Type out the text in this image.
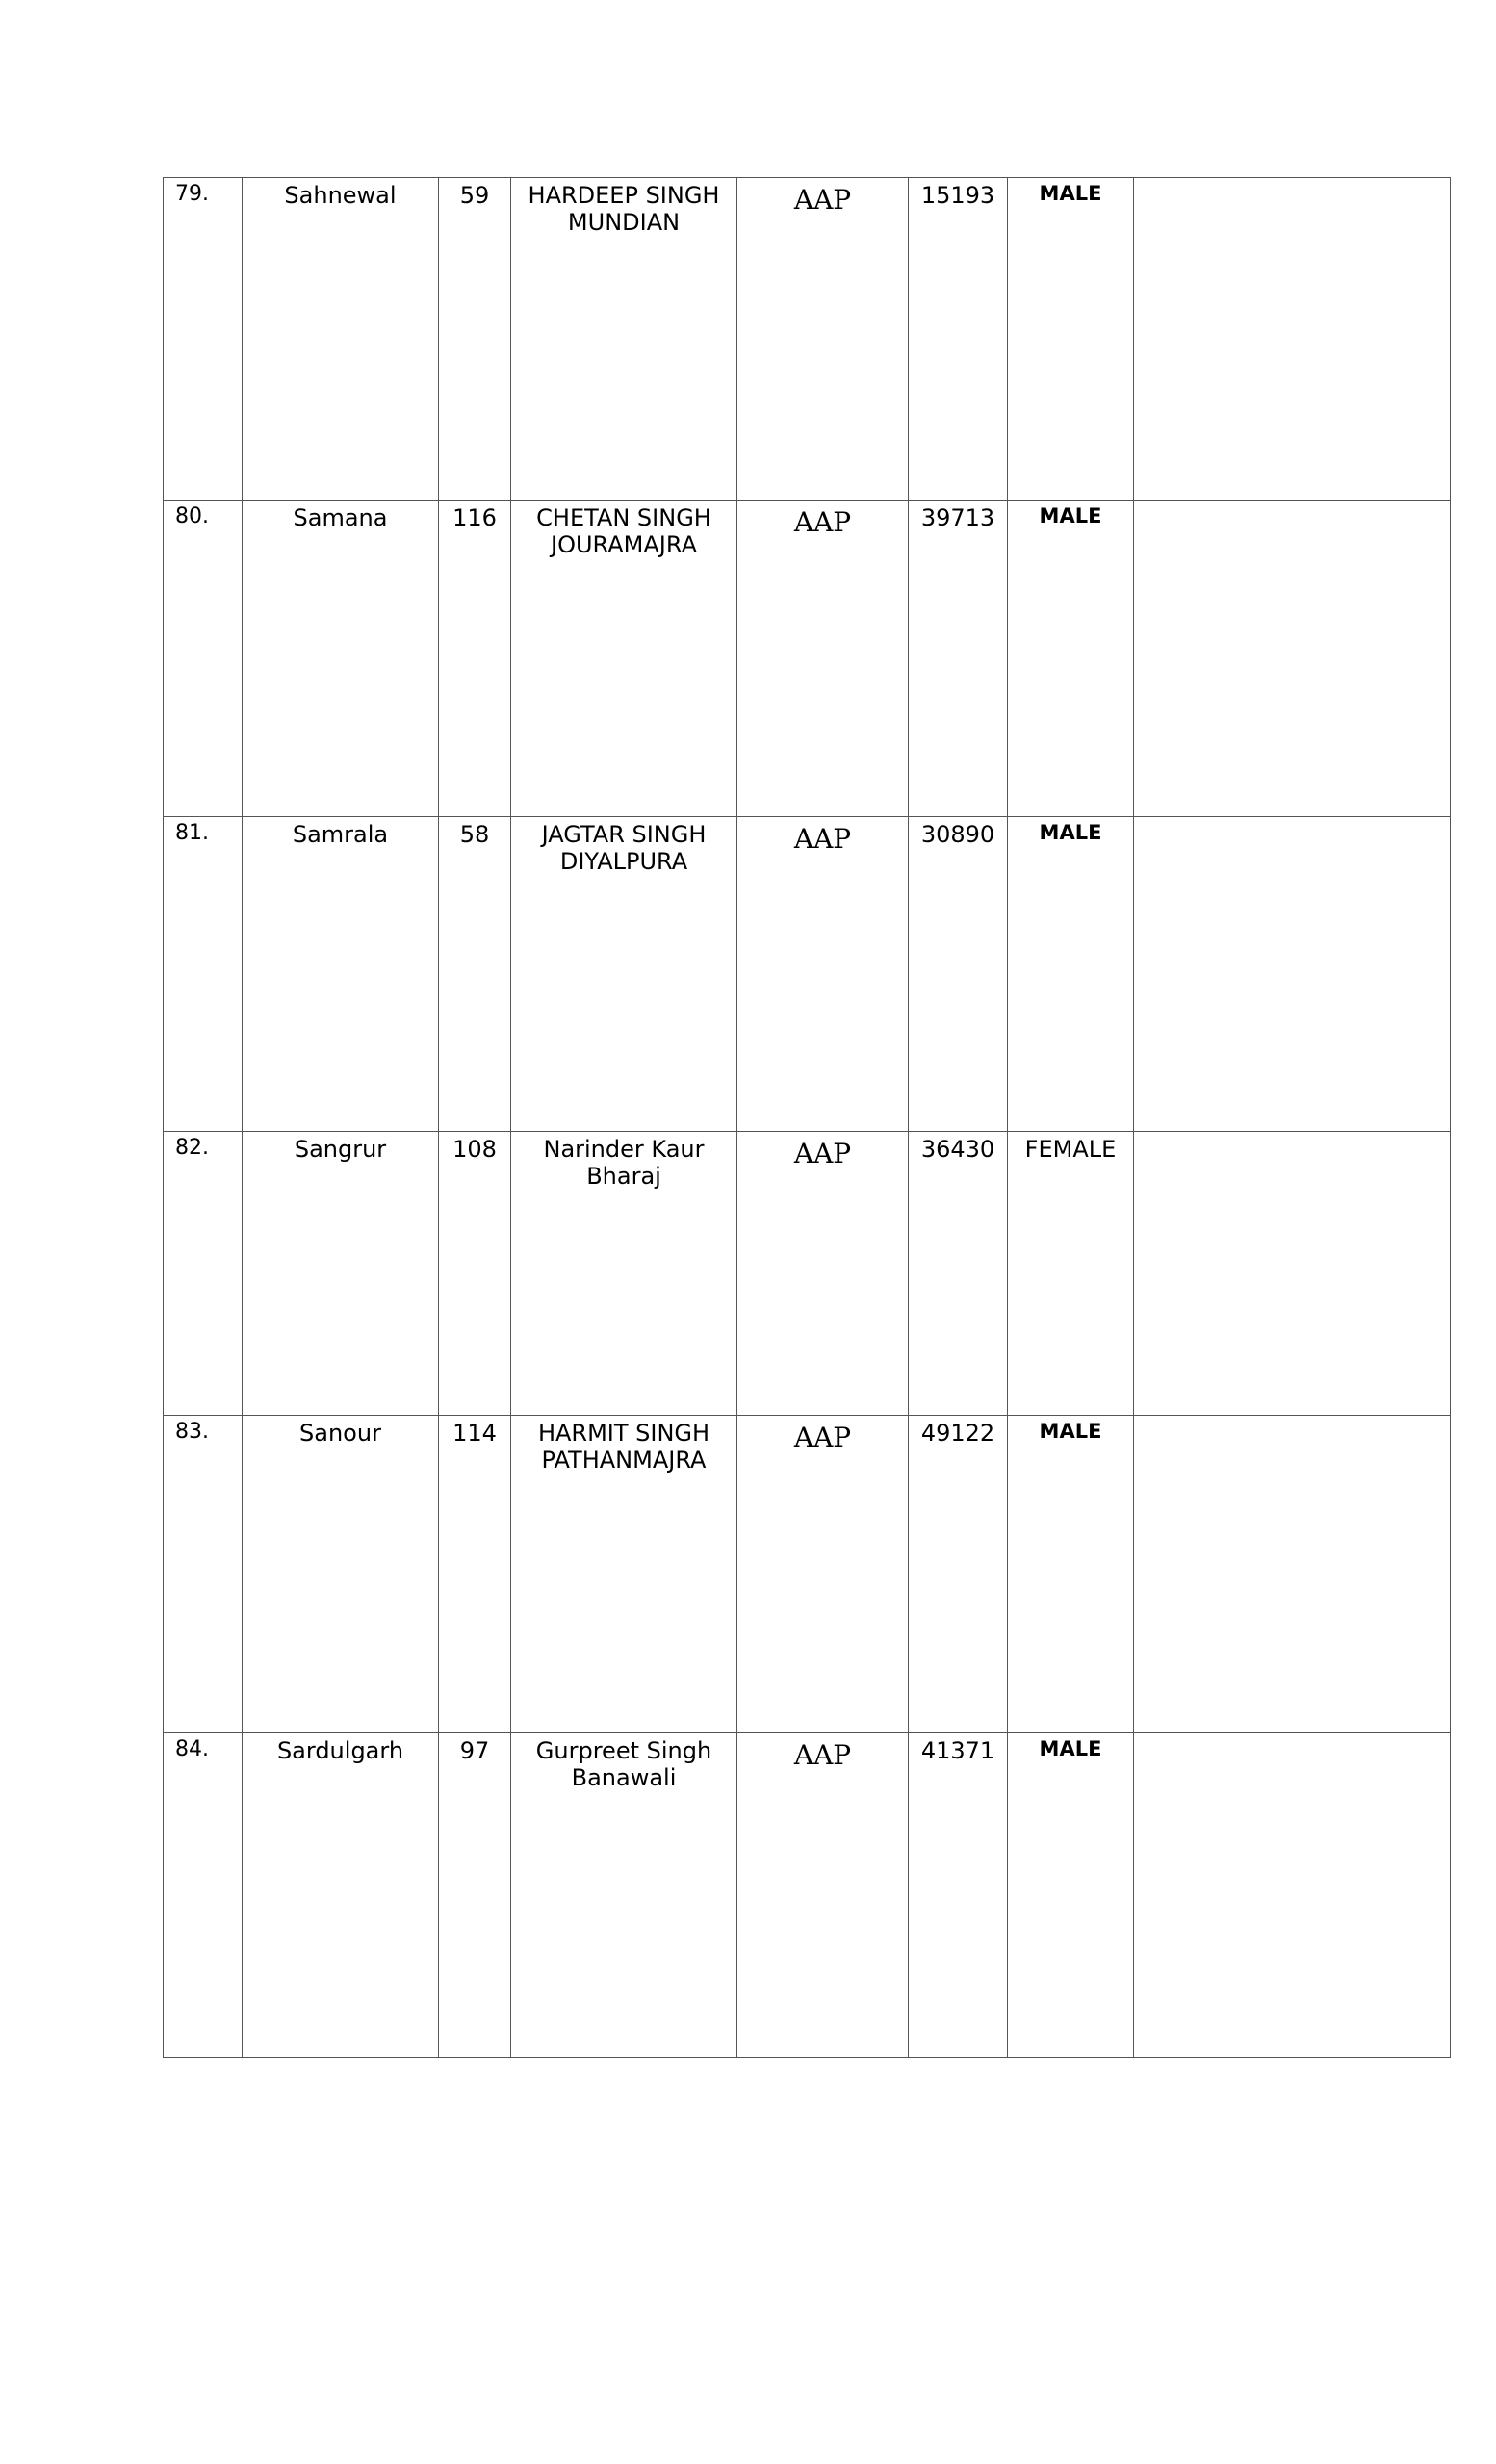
79.	Sahnewal	59	HARDEEP SINGH MUNDIAN	AAP	15193	MALE

80.	Samana	116	CHETAN SINGH JOURAMAJRA	AAP	39713	MALE

81.	Samrala	58	JAGTAR SINGH DIYALPURA	AAP	30890	MALE	

82.	Sangrur	108	Narinder Kaur Bharaj	AAP	36430	FEMALE	

83.	Sanour	114	HARMIT SINGH PATHANMAJRA	AAP	49122	MALE	

84.	Sardulgarh	97	Gurpreet Singh Banawali	AAP	41371	MALE	
